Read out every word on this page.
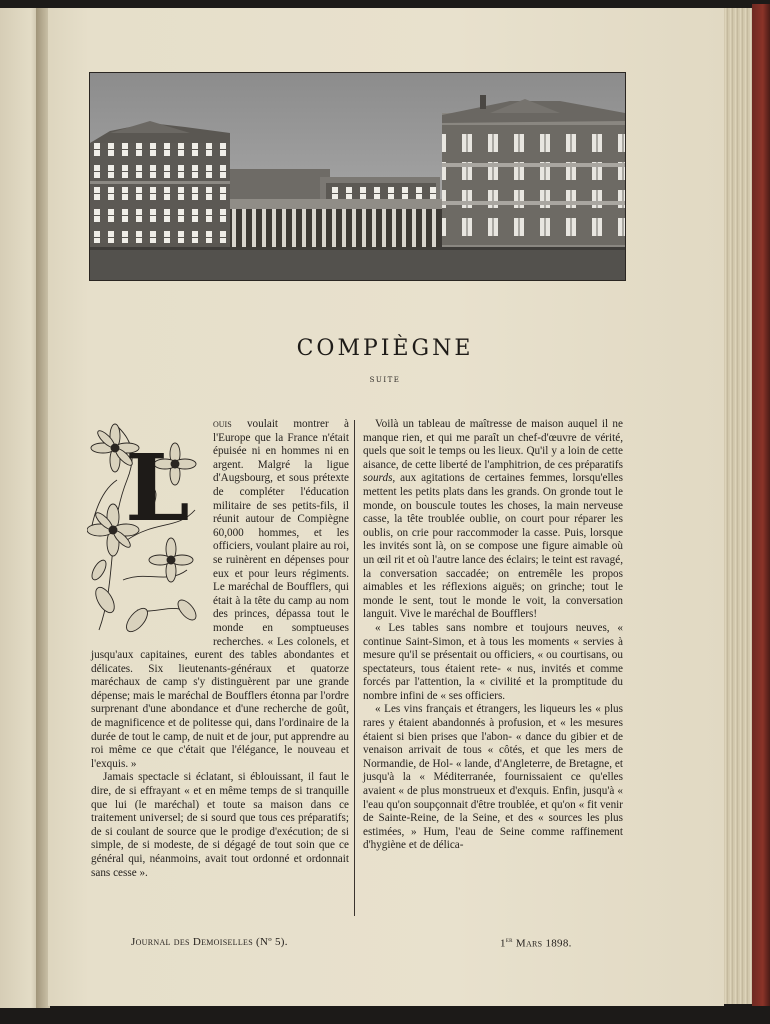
COMPIÈGNE
SUITE
L

ouis voulait montrer à l'Europe que la France n'était épuisée ni en hommes ni en argent. Malgré la ligue d'Augsbourg, et sous prétexte de compléter l'éducation militaire de ses petits-fils, il réunit autour de Compiègne 60,000 hommes, et les officiers, voulant plaire au roi, se ruinèrent en dépenses pour eux et pour leurs régiments. Le maréchal de Boufflers, qui était à la tête du camp au nom des princes, dépassa tout le monde en somptueuses recherches. « Les colonels, et jusqu'aux capitaines, eurent des tables abondantes et délicates. Six lieutenants-généraux et quatorze maréchaux de camp s'y distinguèrent par une grande dépense; mais le maréchal de Boufflers étonna par l'ordre surprenant d'une abondance et d'une recherche de goût, de magnificence et de politesse qui, dans l'ordinaire de la durée de tout le camp, de nuit et de jour, put apprendre au roi même ce que c'était que l'élégance, le nouveau et l'exquis. »

Jamais spectacle si éclatant, si éblouissant, il faut le dire, de si effrayant « et en même temps de si tranquille que lui (le maréchal) et toute sa maison dans ce traitement universel; de si sourd que tous ces préparatifs; de si coulant de source que le prodige d'exécution; de si simple, de si modeste, de si dégagé de tout soin que ce général qui, néanmoins, avait tout ordonné et ordonnait sans cesse ».

Voilà un tableau de maîtresse de maison auquel il ne manque rien, et qui me paraît un chef-d'œuvre de vérité, quels que soit le temps ou les lieux. Qu'il y a loin de cette aisance, de cette liberté de l'amphitrion, de ces préparatifs sourds, aux agitations de certaines femmes, lorsqu'elles mettent les petits plats dans les grands. On gronde tout le monde, on bouscule toutes les choses, la main nerveuse casse, la tête troublée oublie, on court pour réparer les oublis, on crie pour raccommoder la casse. Puis, lorsque les invités sont là, on se compose une figure aimable où un œil rit et où l'autre lance des éclairs; le teint est ravagé, la conversation saccadée; on entremêle les propos aimables et les réflexions aiguës; on grinche; tout le monde le sent, tout le monde le voit, la conversation languit. Vive le maréchal de Boufflers!

« Les tables sans nombre et toujours neuves, « continue Saint-Simon, et à tous les moments « servies à mesure qu'il se présentait ou officiers, « ou courtisans, ou spectateurs, tous étaient rete- « nus, invités et comme forcés par l'attention, la « civilité et la promptitude du nombre infini de « ses officiers.

« Les vins français et étrangers, les liqueurs les « plus rares y étaient abandonnés à profusion, et « les mesures étaient si bien prises que l'abon- « dance du gibier et de venaison arrivait de tous « côtés, et que les mers de Normandie, de Hol- « lande, d'Angleterre, de Bretagne, et jusqu'à la « Méditerranée, fournissaient ce qu'elles avaient « de plus monstrueux et d'exquis. Enfin, jusqu'à « l'eau qu'on soupçonnait d'être troublée, et qu'on « fit venir de Sainte-Reine, de la Seine, et des « sources les plus estimées, » Hum, l'eau de Seine comme raffinement d'hygiène et de délica-

Journal des Demoiselles (Nº 5).	1er Mars 1898.
